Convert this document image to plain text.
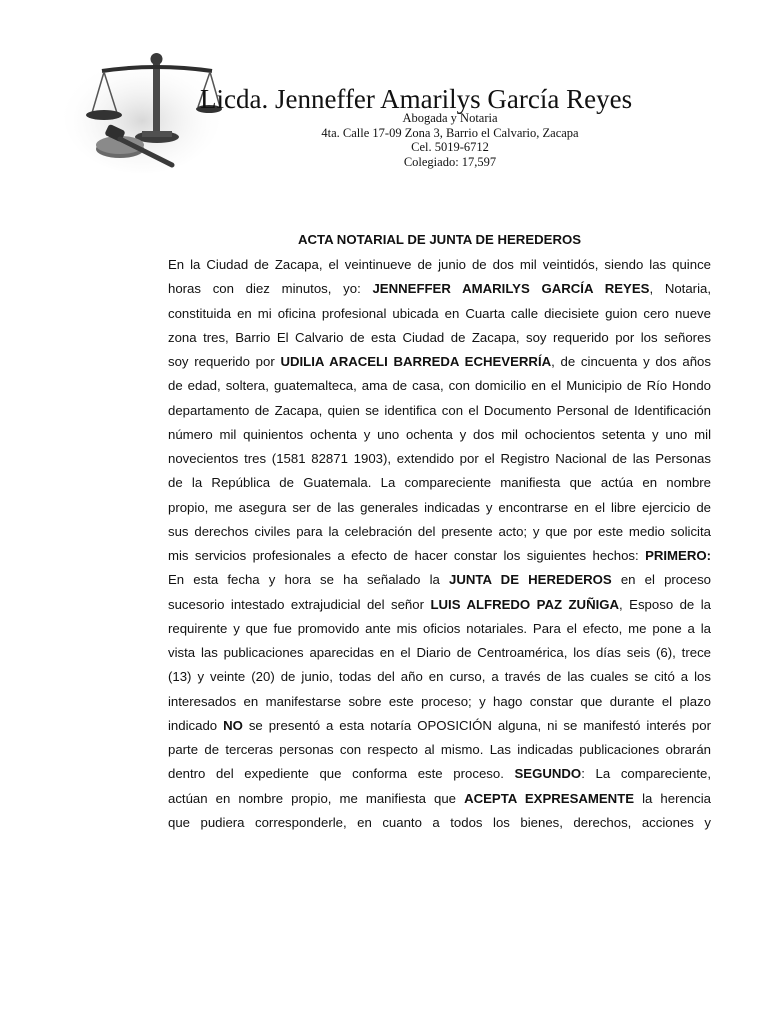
Licda. Jenneffer Amarilys García Reyes
Abogada y Notaria
4ta. Calle 17-09 Zona 3, Barrio el Calvario, Zacapa
Cel. 5019-6712
Colegiado: 17,597
ACTA NOTARIAL DE JUNTA DE HEREDEROS
En la Ciudad de Zacapa, el veintinueve de junio de dos mil veintidós, siendo las quince
horas con diez minutos, yo: JENNEFFER AMARILYS GARCÍA REYES, Notaria,
constituida en mi oficina profesional ubicada en Cuarta calle diecisiete guion cero nueve
zona tres, Barrio El Calvario de esta Ciudad de Zacapa, soy requerido por los señores
soy requerido por UDILIA ARACELI BARREDA ECHEVERRÍA, de cincuenta y dos años
de edad, soltera, guatemalteca, ama de casa, con domicilio en el Municipio de Río Hondo
departamento de Zacapa, quien se identifica con el Documento Personal de Identificación
número mil quinientos ochenta y uno ochenta y dos mil ochocientos setenta y uno mil
novecientos tres (1581 82871 1903), extendido por el Registro Nacional de las Personas
de la República de Guatemala. La compareciente manifiesta que actúa en nombre
propio, me asegura ser de las generales indicadas y encontrarse en el libre ejercicio de
sus derechos civiles para la celebración del presente acto; y que por este medio solicita
mis servicios profesionales a efecto de hacer constar los siguientes hechos: PRIMERO:
En esta fecha y hora se ha señalado la JUNTA DE HEREDEROS en el proceso
sucesorio intestado extrajudicial del señor LUIS ALFREDO PAZ ZUÑIGA, Esposo de la
requirente y que fue promovido ante mis oficios notariales. Para el efecto, me pone a la
vista las publicaciones aparecidas en el Diario de Centroamérica, los días seis (6), trece
(13) y veinte (20) de junio, todas del año en curso, a través de las cuales se citó a los
interesados en manifestarse sobre este proceso; y hago constar que durante el plazo
indicado NO se presentó a esta notaría OPOSICIÓN alguna, ni se manifestó interés por
parte de terceras personas con respecto al mismo. Las indicadas publicaciones obrarán
dentro del expediente que conforma este proceso. SEGUNDO: La compareciente,
actúan en nombre propio, me manifiesta que ACEPTA EXPRESAMENTE la herencia
que pudiera corresponderle, en cuanto a todos los bienes, derechos, acciones y
